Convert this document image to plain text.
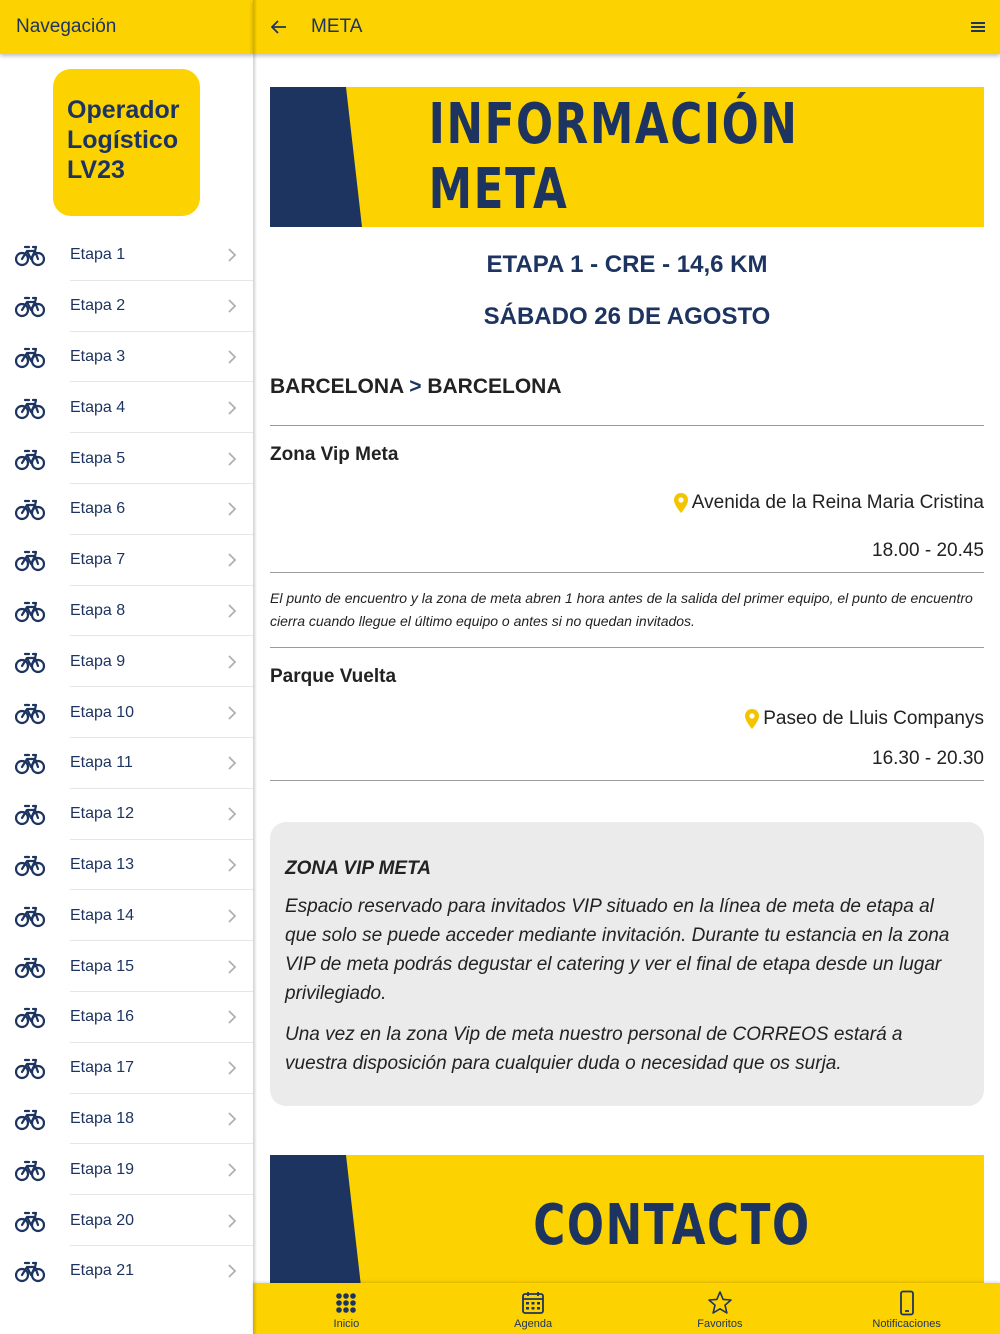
Navegación
Operador
Logístico
LV23
Etapa 1
Etapa 2
Etapa 3
Etapa 4
Etapa 5
Etapa 6
Etapa 7
Etapa 8
Etapa 9
Etapa 10
Etapa 11
Etapa 12
Etapa 13
Etapa 14
Etapa 15
Etapa 16
Etapa 17
Etapa 18
Etapa 19
Etapa 20
Etapa 21
META
INFORMACIÓN META
ETAPA 1 - CRE - 14,6 KM
SÁBADO 26 DE AGOSTO
BARCELONA > BARCELONA
Zona Vip Meta
Avenida de la Reina Maria Cristina
18.00 - 20.45
El punto de encuentro y la zona de meta abren 1 hora antes de la salida del primer equipo, el punto de encuentro cierra cuando llegue el último equipo o antes si no quedan invitados.
Parque Vuelta
Paseo de Lluis Companys
16.30 - 20.30
ZONA VIP META

Espacio reservado para invitados VIP situado en la línea de meta de etapa al que solo se puede acceder mediante invitación. Durante tu estancia en la zona VIP de meta podrás degustar el catering y ver el final de etapa desde un lugar privilegiado.

Una vez en la zona Vip de meta nuestro personal de CORREOS estará a vuestra disposición para cualquier duda o necesidad que os surja.

CONTACTO
Inicio	Agenda	Favoritos	Notificaciones
